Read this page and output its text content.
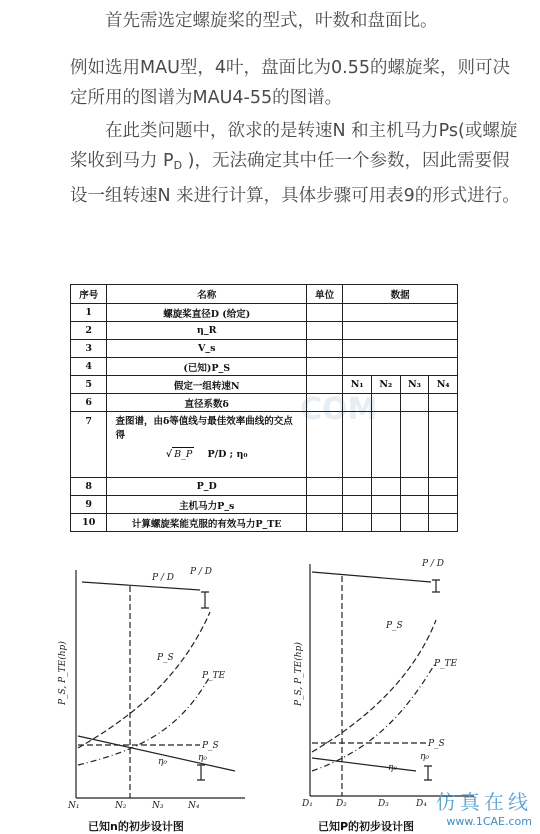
首先需选定螺旋桨的型式，叶数和盘面比。

例如选用MAU型，4叶，盘面比为0.55的螺旋桨，则可决定所用的图谱为MAU4-55的图谱。

在此类问题中，欲求的是转速N 和主机马力Ps(或螺旋桨收到马力 PD )，无法确定其中任一个参数，因此需要假设一组转速N 来进行计算，具体步骤可用表9的形式进行。

COM
序号	名称	单位	数据			
1	螺旋桨直径D (给定)					
2	η_R					
3	V_s					
4	(已知)P_S					
5	假定一组转速N		N₁	N₂	N₃	N₄
6	直径系数δ					
7	查图谱，由δ等值线与最佳效率曲线的交点得
√ B_P P/D ; η₀					

8	P_D					
9	主机马力P_s					
10	计算螺旋桨能克服的有效马力P_TE					
P / D
P / D
P_S
P_TE
P_S
η₀
η₀
N₁	N₂	N₃	N₄
P_S, P_TE(hp)
已知n的初步设计图
P / D
P_S
P_TE
P_S
η₀
η₀
D₁	D₂	D₃	D₄
P_S, P_TE(hp)
已知P的初步设计图
仿真在线
www.1CAE.com
